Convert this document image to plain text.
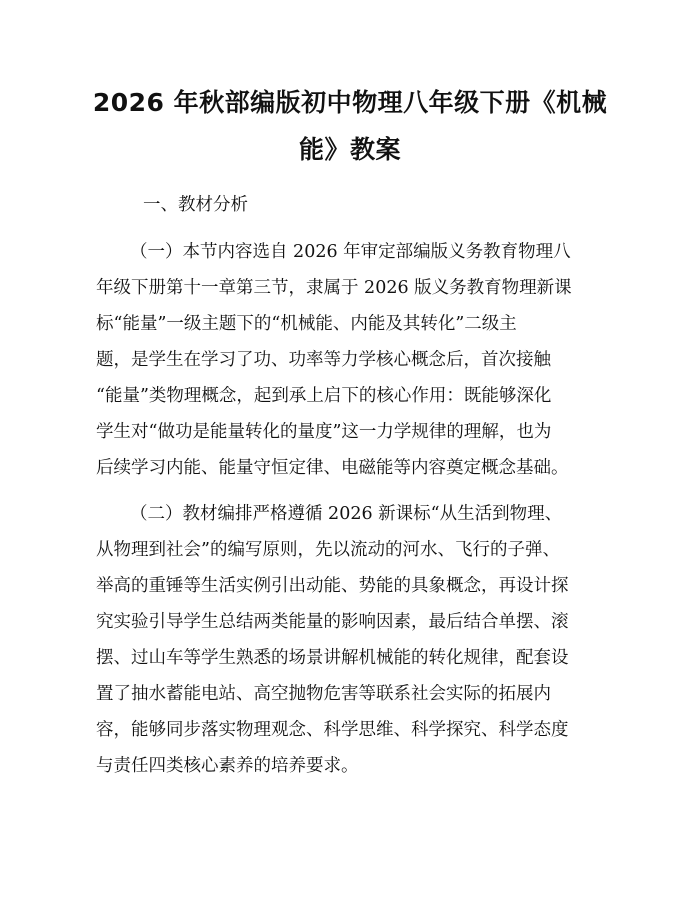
2026 年秋部编版初中物理八年级下册《机械
能》教案
一、教材分析
（一）本节内容选自 2026 年审定部编版义务教育物理八
年级下册第十一章第三节，隶属于 2026 版义务教育物理新课
标“能量”一级主题下的“机械能、内能及其转化”二级主
题，是学生在学习了功、功率等力学核心概念后，首次接触
“能量”类物理概念，起到承上启下的核心作用：既能够深化
学生对“做功是能量转化的量度”这一力学规律的理解，也为
后续学习内能、能量守恒定律、电磁能等内容奠定概念基础。
（二）教材编排严格遵循 2026 新课标“从生活到物理、
从物理到社会”的编写原则，先以流动的河水、飞行的子弹、
举高的重锤等生活实例引出动能、势能的具象概念，再设计探
究实验引导学生总结两类能量的影响因素，最后结合单摆、滚
摆、过山车等学生熟悉的场景讲解机械能的转化规律，配套设
置了抽水蓄能电站、高空抛物危害等联系社会实际的拓展内
容，能够同步落实物理观念、科学思维、科学探究、科学态度
与责任四类核心素养的培养要求。
